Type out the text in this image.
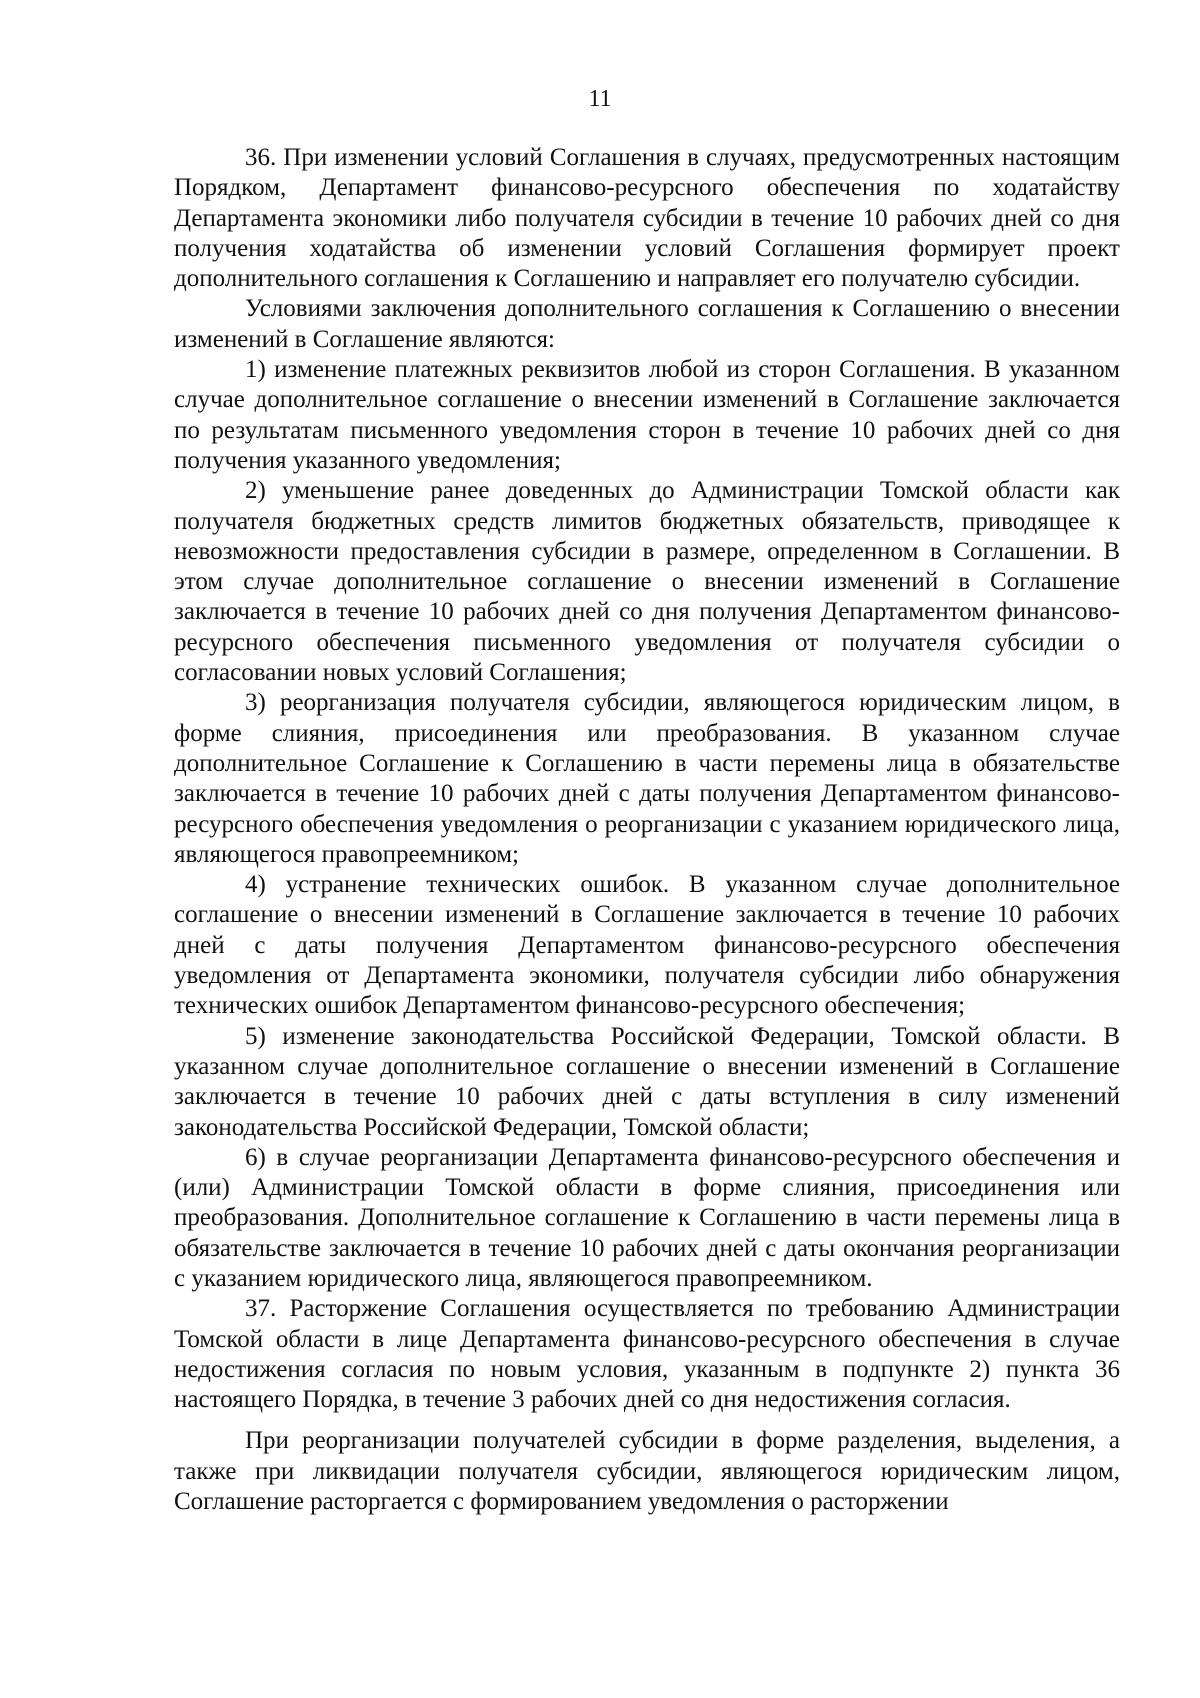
11

36. При изменении условий Соглашения в случаях, предусмотренных настоящим Порядком, Департамент финансово-ресурсного обеспечения по ходатайству Департамента экономики либо получателя субсидии в течение 10 рабочих дней со дня получения ходатайства об изменении условий Соглашения формирует проект дополнительного соглашения к Соглашению и направляет его получателю субсидии.

Условиями заключения дополнительного соглашения к Соглашению о внесении изменений в Соглашение являются:

1) изменение платежных реквизитов любой из сторон Соглашения. В указанном случае дополнительное соглашение о внесении изменений в Соглашение заключается по результатам письменного уведомления сторон в течение 10 рабочих дней со дня получения указанного уведомления;

2) уменьшение ранее доведенных до Администрации Томской области как получателя бюджетных средств лимитов бюджетных обязательств, приводящее к невозможности предоставления субсидии в размере, определенном в Соглашении. В этом случае дополнительное соглашение о внесении изменений в Соглашение заключается в течение 10 рабочих дней со дня получения Департаментом финансово-ресурсного обеспечения письменного уведомления от получателя субсидии о согласовании новых условий Соглашения;

3) реорганизация получателя субсидии, являющегося юридическим лицом, в форме слияния, присоединения или преобразования. В указанном случае дополнительное Соглашение к Соглашению в части перемены лица в обязательстве заключается в течение 10 рабочих дней с даты получения Департаментом финансово-ресурсного обеспечения уведомления о реорганизации с указанием юридического лица, являющегося правопреемником;

4) устранение технических ошибок. В указанном случае дополнительное соглашение о внесении изменений в Соглашение заключается в течение 10 рабочих дней с даты получения Департаментом финансово-ресурсного обеспечения уведомления от Департамента экономики, получателя субсидии либо обнаружения технических ошибок Департаментом финансово-ресурсного обеспечения;

5) изменение законодательства Российской Федерации, Томской области. В указанном случае дополнительное соглашение о внесении изменений в Соглашение заключается в течение 10 рабочих дней с даты вступления в силу изменений законодательства Российской Федерации, Томской области;

6) в случае реорганизации Департамента финансово-ресурсного обеспечения и (или) Администрации Томской области в форме слияния, присоединения или преобразования. Дополнительное соглашение к Соглашению в части перемены лица в обязательстве заключается в течение 10 рабочих дней с даты окончания реорганизации с указанием юридического лица, являющегося правопреемником.

37. Расторжение Соглашения осуществляется по требованию Администрации Томской области в лице Департамента финансово-ресурсного обеспечения в случае недостижения согласия по новым условия, указанным в подпункте 2) пункта 36 настоящего Порядка, в течение 3 рабочих дней со дня недостижения согласия.

При реорганизации получателей субсидии в форме разделения, выделения, а также при ликвидации получателя субсидии, являющегося юридическим лицом, Соглашение расторгается с формированием уведомления о расторжении
